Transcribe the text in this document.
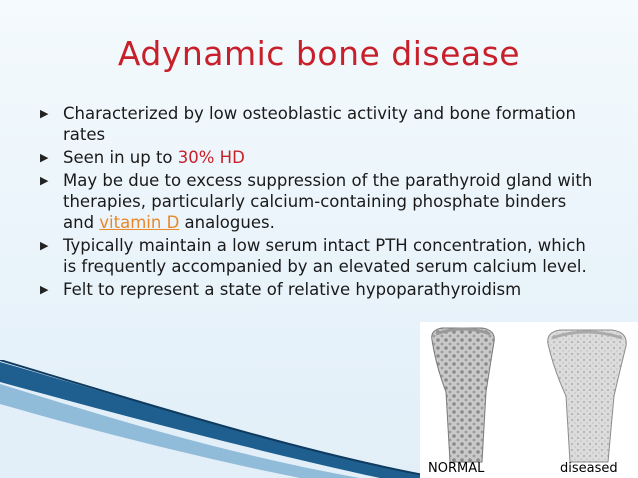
Adynamic bone disease
▶ Characterized by low osteoblastic activity and bone formation rates
▶ Seen in up to 30% HD
▶ May be due to excess suppression of the parathyroid gland with therapies, particularly calcium-containing phosphate binders and vitamin D analogues.
▶ Typically maintain a low serum intact PTH concentration, which is frequently accompanied by an elevated serum calcium level.
▶ Felt to represent a state of relative hypoparathyroidism
NORMAL	diseased
